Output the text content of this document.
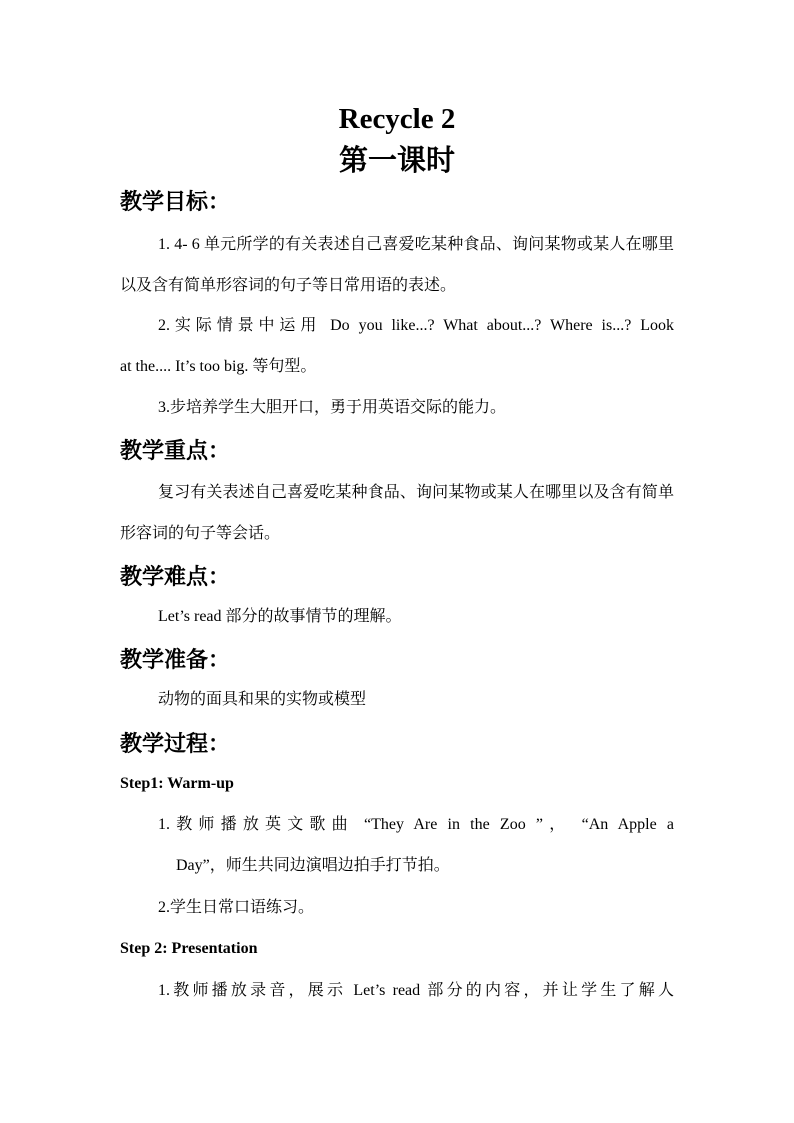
Recycle 2
第一课时
教学目标：

1. 4- 6 单元所学的有关表述自己喜爱吃某种食品、询问某物或某人在哪里以及含有简单形容词的句子等日常用语的表述。

2.实际情景中运用 Do you like...? What about...? Where is...? Look

at the.... It’s too big. 等句型。

3.步培养学生大胆开口，勇于用英语交际的能力。

教学重点：

复习有关表述自己喜爱吃某种食品、询问某物或某人在哪里以及含有简单形容词的句子等会话。

教学难点：

Let’s read 部分的故事情节的理解。

教学准备：

动物的面具和果的实物或模型

教学过程：

Step1: Warm-up

1.教师播放英文歌曲 “They Are in the Zoo ”， “An Apple a

Day”，师生共同边演唱边拍手打节拍。

2.学生日常口语练习。

Step 2: Presentation

1.教师播放录音，展示 Let’s read 部分的内容，并让学生了解人
